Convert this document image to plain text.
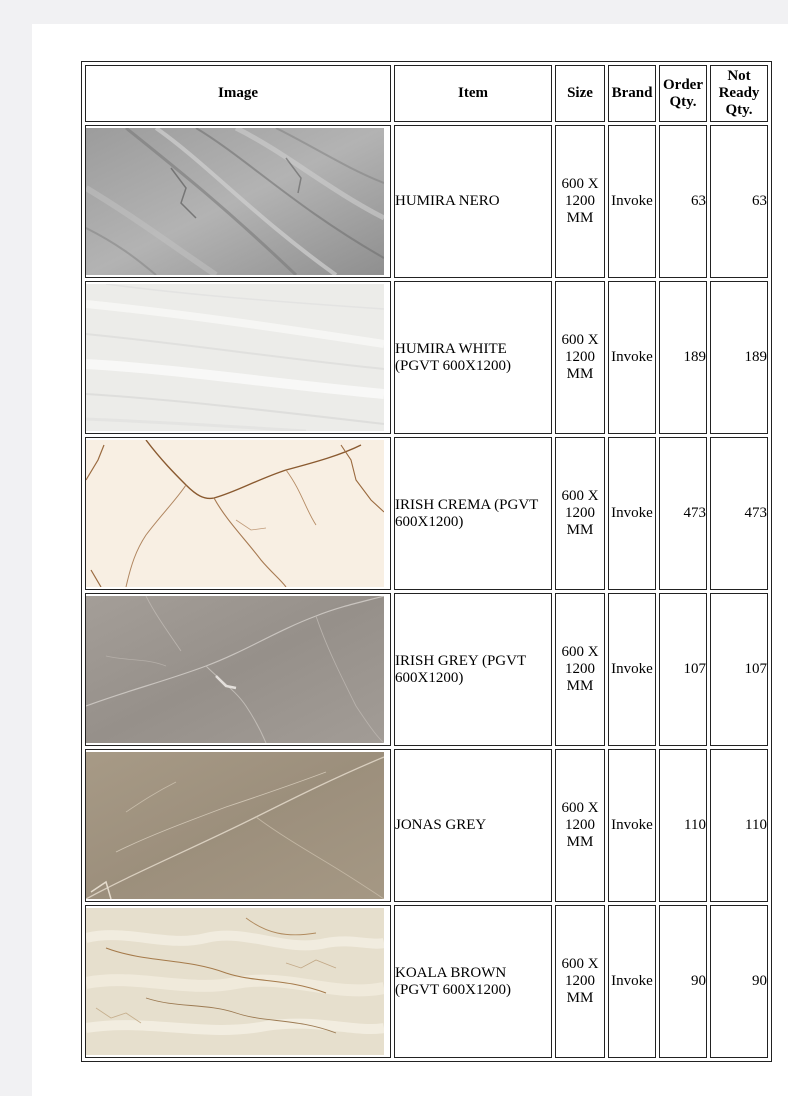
Image	Item	Size	Brand	Order Qty.	Not Ready Qty.

	HUMIRA NERO	600 X 1200 MM	Invoke	63	63

	HUMIRA WHITE (PGVT 600X1200)	600 X 1200 MM	Invoke	189	189

	IRISH CREMA (PGVT 600X1200)	600 X 1200 MM	Invoke	473	473

	IRISH GREY (PGVT 600X1200)	600 X 1200 MM	Invoke	107	107

	JONAS GREY	600 X 1200 MM	Invoke	110	110

	KOALA BROWN (PGVT 600X1200)	600 X 1200 MM	Invoke	90	90
